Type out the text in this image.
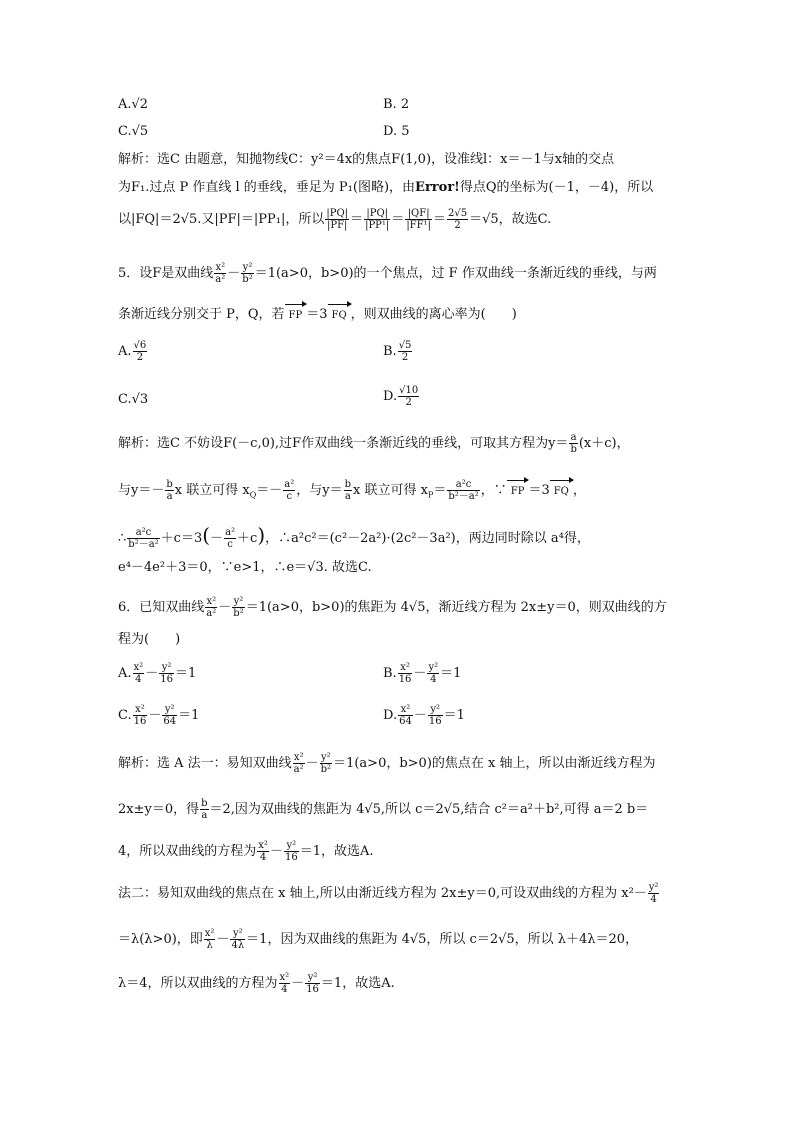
A.√2	B. 2
C.√5	D. 5
解析：选C 由题意，知抛物线C：y²＝4x的焦点F(1,0)，设准线l：x＝－1与x轴的交点
为F₁.过点 P 作直线 l 的垂线，垂足为 P₁(图略)，由Error!得点Q的坐标为(－1，－4)，所以
以|FQ|＝2√5.又|PF|＝|PP₁|，所以 $\frac{|PQ|}{|PF|} = \frac{|PQ|}{\text{|PP¹|}} = \frac{|QF|}{\text{|FF¹|}} = \frac{2√5}{2} =√5$，故选C.
5．设F是双曲线 $\frac{\text{x²}}{\text{a²}} - \frac{\text{y²}}{\text{b²}} =1(a>0$，b>0)的一个焦点，过 F 作双曲线一条渐近线的垂线，与两
条渐近线分别交于 P，Q，若 FP ＝3 FQ ，则双曲线的离心率为(　　)
A. $\frac{√6}{2}$	B. $\frac{√5}{2}$
C.√3	D. $\frac{√10}{2}$
解析：选C 不妨设F(－c,0),过F作双曲线一条渐近线的垂线，可取其方程为$y= \frac{a}{b} (x+c)$，
与$y=- \frac{b}{a}$ x 联立可得 $x_Q=- \frac{\text{a²}}{c}$ ，与$y= \frac{b}{a}$ x 联立可得 $x_P= \frac{\text{a²c}}{\text{b²－a²}}$ ，∵ FP ＝3 FQ ，
∴ $\frac{\text{a²c}}{\text{b²－a²}} +c=3(- \frac{\text{a²}}{c} +c)$，∴a²c²＝(c²－2a²)·(2c²－3a²)，两边同时除以 a⁴得，
e⁴－4e²＋3＝0，∵e>1，∴e＝√3. 故选C.
6．已知双曲线 $\frac{\text{x²}}{\text{a²}} - \frac{\text{y²}}{\text{b²}} =1(a>0$，b>0)的焦距为 4√5，渐近线方程为 2x±y＝0，则双曲线的方
程为(　　)
A. $\frac{\text{x²}}{4} - \frac{\text{y²}}{16} =1$	B. $\frac{\text{x²}}{16} - \frac{\text{y²}}{4} =1$
C. $\frac{\text{x²}}{16} - \frac{\text{y²}}{64} =1$	D. $\frac{\text{x²}}{64} - \frac{\text{y²}}{16} =1$
解析：选 A 法一：易知双曲线 $\frac{\text{x²}}{\text{a²}} - \frac{\text{y²}}{\text{b²}} =1(a>0$，b>0)的焦点在 x 轴上，所以由渐近线方程为
2x±y＝0，得 $\frac{b}{a} =2$,因为双曲线的焦距为 4√5,所以 c＝2√5,结合 c²＝a²＋b²,可得 a＝2 b＝
4，所以双曲线的方程为 $\frac{\text{x²}}{4} - \frac{\text{y²}}{16} =1$，故选A.
法二：易知双曲线的焦点在 x 轴上,所以由渐近线方程为 2x±y＝0,可设双曲线的方程为 $x^2- \frac{\text{y²}}{4}$
＝λ(λ>0)，即 $\frac{\text{x²}}{\lambda} - \frac{\text{y²}}{4\lambda} =1$，因为双曲线的焦距为 4√5，所以 c＝2√5，所以 λ＋4λ＝20，
λ＝4，所以双曲线的方程为 $\frac{\text{x²}}{4} - \frac{\text{y²}}{16} =1$，故选A.
